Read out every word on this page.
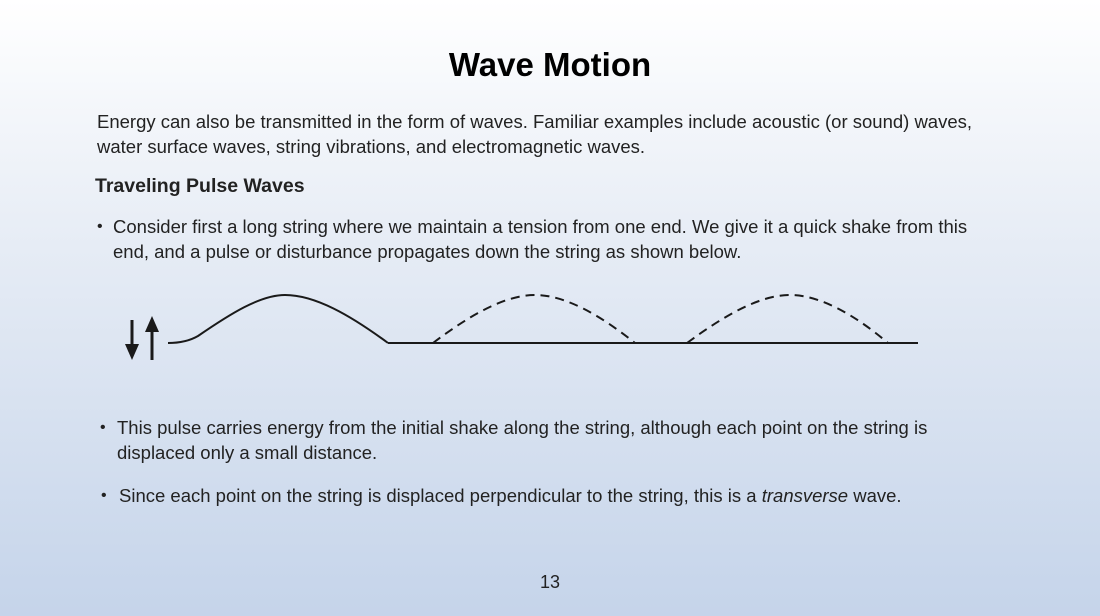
Wave Motion
Energy can also be transmitted in the form of waves. Familiar examples include acoustic (or sound) waves, water surface waves, string vibrations, and electromagnetic waves.
Traveling Pulse Waves
• Consider first a long string where we maintain a tension from one end. We give it a quick shake from this end, and a pulse or disturbance propagates down the string as shown below.
• This pulse carries energy from the initial shake along the string, although each point on the string is displaced only a small distance.
• Since each point on the string is displaced perpendicular to the string, this is a transverse wave.
13
